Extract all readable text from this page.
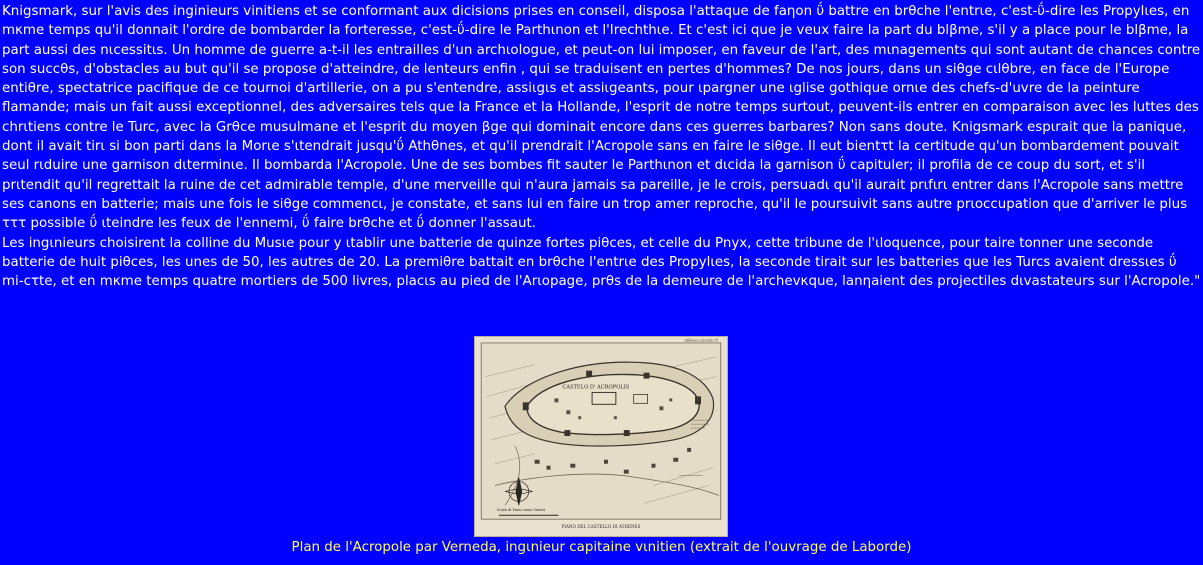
Knigsmark, sur l'avis des inginieurs vinitiens et se conformant aux dicisions prises en conseil, disposa l'attaque de faηon ΰ battre en brθche l'entrιe, c'est-ΰ-dire les Propylιes, en mκme temps qu'il donnait l'ordre de bombarder la forteresse, c'est-ΰ-dire le Parthιnon et l'Irechthιe. Et c'est ici que je veux faire la part du blβme, s'il y a place pour le blβme, la part aussi des nιcessitιs. Un homme de guerre a-t-il les entrailles d'un archιologue, et peut-on lui imposer, en faveur de l'art, des mιnagements qui sont autant de chances contre son succθs, d'obstacles au but qu'il se propose d'atteindre, de lenteurs enfin , qui se traduisent en pertes d'hommes? De nos jours, dans un siθge cιlθbre, en face de l'Europe entiθre, spectatrice pacifique de ce tournoi d'artillerie, on a pu s'entendre, assiιgιs et assiιgeants, pour ιpargner une ιglise gothique ornιe des chefs-d'uvre de la peinture flamande; mais un fait aussi exceptionnel, des adversaires tels que la France et la Hollande, l'esprit de notre temps surtout, peuvent-ils entrer en comparaison avec les luttes des chrιtiens contre le Turc, avec la Grθce musulmane et l'esprit du moyen βge qui dominait encore dans ces guerres barbares? Non sans doute. Knigsmark espιrait que la panique, dont il avait tirι si bon parti dans la Morιe s'ιtendrait jusqu'ΰ Athθnes, et qu'il prendrait l'Acropole sans en faire le siθge. Il eut bientτt la certitude qu'un bombardement pouvait seul rιduire une garnison dιterminιe. Il bombarda l'Acropole. Une de ses bombes fit sauter le Parthιnon et dιcida la garnison ΰ capituler; il profila de ce coup du sort, et s'il prιtendit qu'il regrettait la ruine de cet admirable temple, d'une merveille qui n'aura jamais sa pareille, je le crois, persuadι qu'il aurait prιfιrι entrer dans l'Acropole sans mettre ses canons en batterie; mais une fois le siθge commencι, je constate, et sans lui en faire un trop amer reproche, qu'il le poursuivit sans autre prιoccupation que d'arriver le plus τττ possible ΰ ιteindre les feux de l'ennemi, ΰ faire brθche et ΰ donner l'assaut.

Les ingιnieurs choisirent la colline du Musιe pour y ιtablir une batterie de quinze fortes piθces, et celle du Pnyx, cette tribune de l'ιloquence, pour taire tonner une seconde batterie de huit piθces, les unes de 50, les autres de 20. La premiθre battait en brθche l'entrιe des Propylιes, la seconde tirait sur les batteries que les Turcs avaient dressιes ΰ mi-cτte, et en mκme temps quatre mortiers de 500 livres, placιs au pied de l'Arιopage, prθs de la demeure de l'archevκque, lanηaient des projectiles dιvastateurs sur l'Acropole."

CASTELO D' ACROPOLIS
Scala di Passi cento Veneti
PIANO DEL CASTELLO DI ATHENES
Athènes Laborde Pl.
Plan de l'Acropole par Verneda, ingιnieur capitaine vιnitien (extrait de l'ouvrage de Laborde)
